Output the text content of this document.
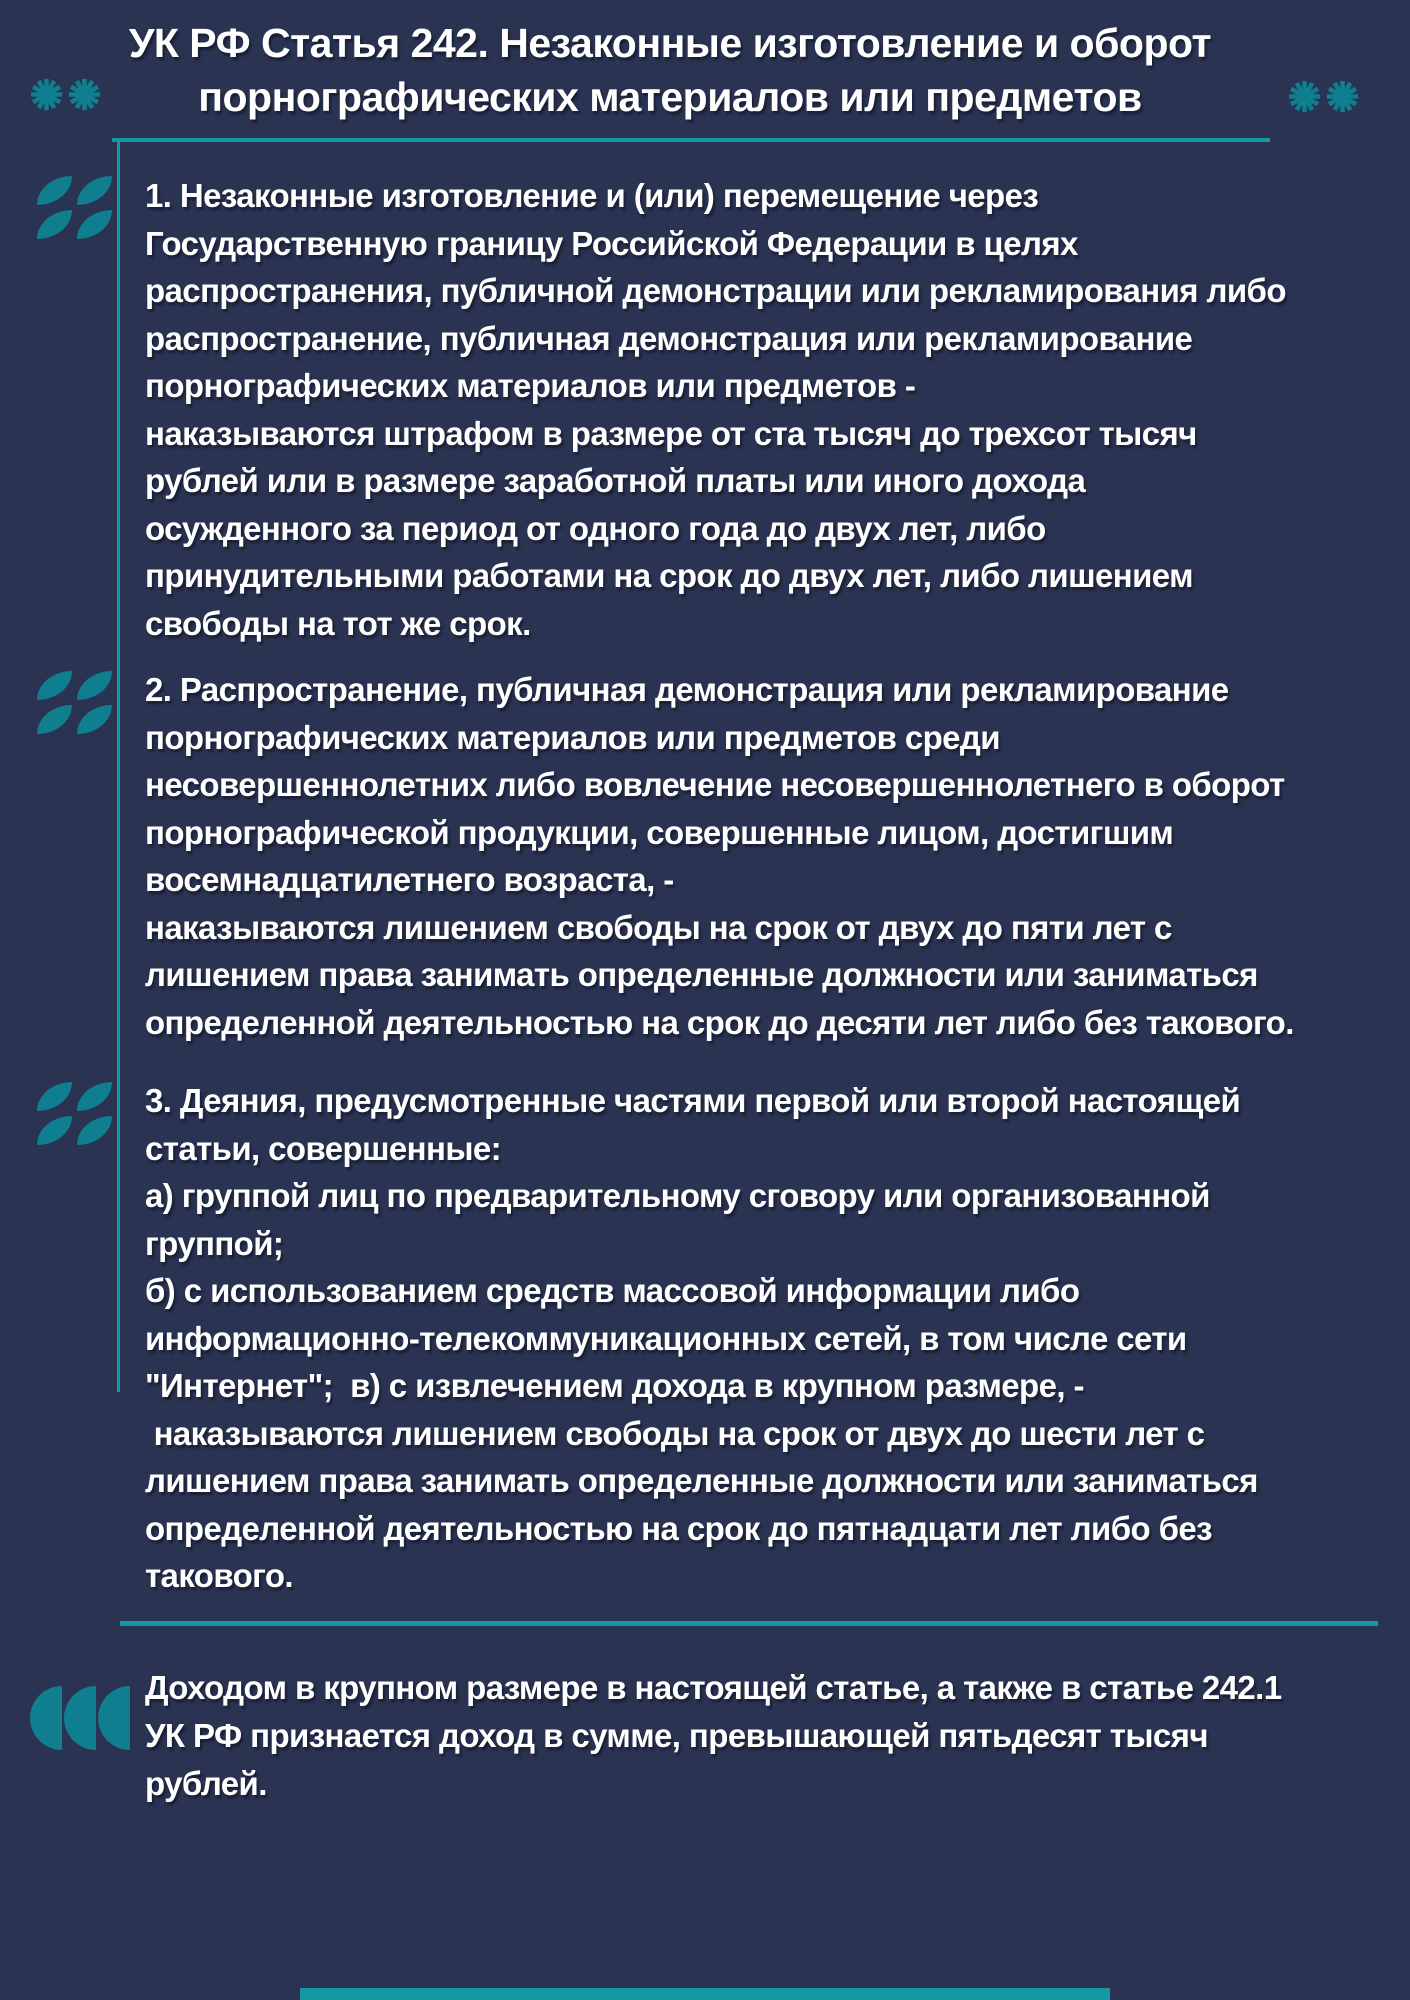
УК РФ Статья 242. Незаконные изготовление и оборот
порнографических материалов или предметов
1. Незаконные изготовление и (или) перемещение через
Государственную границу Российской Федерации в целях
распространения, публичной демонстрации или рекламирования либо
распространение, публичная демонстрация или рекламирование
порнографических материалов или предметов -
наказываются штрафом в размере от ста тысяч до трехсот тысяч
рублей или в размере заработной платы или иного дохода
осужденного за период от одного года до двух лет, либо
принудительными работами на срок до двух лет, либо лишением
свободы на тот же срок.
2. Распространение, публичная демонстрация или рекламирование
порнографических материалов или предметов среди
несовершеннолетних либо вовлечение несовершеннолетнего в оборот
порнографической продукции, совершенные лицом, достигшим
восемнадцатилетнего возраста, -
наказываются лишением свободы на срок от двух до пяти лет с
лишением права занимать определенные должности или заниматься
определенной деятельностью на срок до десяти лет либо без такового.
3. Деяния, предусмотренные частями первой или второй настоящей
статьи, совершенные:
а) группой лиц по предварительному сговору или организованной
группой;
б) с использованием средств массовой информации либо
информационно-телекоммуникационных сетей, в том числе сети
"Интернет";  в) с извлечением дохода в крупном размере, -
наказываются лишением свободы на срок от двух до шести лет с
лишением права занимать определенные должности или заниматься
определенной деятельностью на срок до пятнадцати лет либо без
такового.
Доходом в крупном размере в настоящей статье, а также в статье 242.1
УК РФ признается доход в сумме, превышающей пятьдесят тысяч
рублей.
